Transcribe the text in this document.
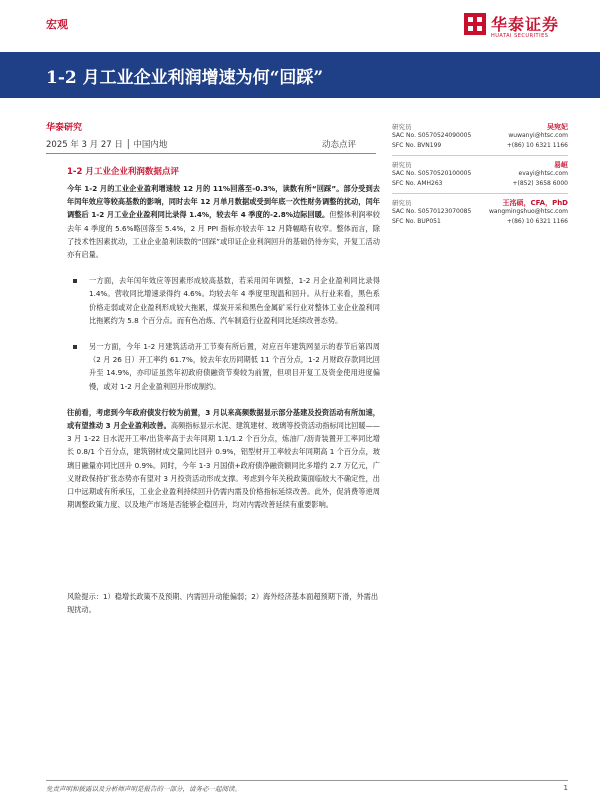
宏观	华泰证券
HUATAI SECURITIES
1-2 月工业企业利润增速为何“回踩”
华泰研究
2025 年 3 月 27 日 │ 中国内地	动态点评
1-2 月工业企业利润数据点评

今年 1-2 月的工业企业盈利增速较 12 月的 11%回落至-0.3%，读数有所“回踩”。部分受到去年闰年效应等较高基数的影响，同时去年 12 月单月数据或受到年底一次性财务调整的扰动，闰年调整后 1-2 月工业企业盈利同比录得 1.4%，较去年 4 季度的-2.8%边际回暖。但整体利润率较去年 4 季度的 5.6%略回落至 5.4%，2 月 PPI 指标亦较去年 12 月降幅略有收窄。整体而言，除了技术性因素扰动，工业企业盈利读数的“回踩”或印证企业利润回升的基础仍待夯实，开复工活动亦有启量。

一方面，去年闰年效应等因素形成较高基数，若采用闰年调整，1-2 月企业盈利同比录得 1.4%。营收同比增速录得约 4.6%。均较去年 4 季度里现温和回升。从行业来看，黑色系价格走弱或对企业盈利形成较大拖累，煤炭开采和黑色金属矿采行业对整体工业企业盈利同比拖累约为 5.8 个百分点。而有色冶炼、汽车制造行业盈利同比延续改善态势。

另一方面，今年 1-2 月建筑活动开工节奏有所后置，对应百年建筑网显示的春节后第四周（2 月 26 日）开工率约 61.7%，较去年农历同期低 11 个百分点，1-2 月财政存款同比回升至 14.9%，亦印证虽然年初政府债融资节奏较为前置，但项目开复工及资金使用进度偏慢，或对 1-2 月企业盈利回升形成制约。

往前看，考虑到今年政府债发行较为前置，3 月以来高频数据显示部分基建及投资活动有所加速，或有望推动 3 月企业盈利改善。高频指标显示水泥、建筑建材、玻璃等投资活动指标同比回暖——3 月 1-22 日水泥开工率/出货率高于去年同期 1.1/1.2 个百分点，炼油厂/沥青装置开工率同比增长 0.8/1 个百分点，建筑钢材成交量同比回升 0.9%，铝型材开工率较去年同期高 1 个百分点，玻璃日融量亦同比回升 0.9%。同时，今年 1-3 月国债+政府债净融资额同比多增约 2.7 万亿元，广义财政保持扩张态势亦有望对 3 月投资活动形成支撑。考虑到今年关税政策面临较大不确定性，出口中远期或有所承压，工业企业盈利持续回升仍需内需及价格指标延续改善。此外，促消费等逆周期调整政策力度、以及地产市场是否能够企稳回升，均对内需改善延续有重要影响。

风险提示：1）稳增长政策不及预期、内需回升动能偏弱；2）海外经济基本面超预期下滑，外需出现扰动。
研究员	吴宛妃
SAC No. S0570524090005	wuwanyi@htsc.com
SFC No. BVN199	+(86) 10 6321 1166
研究员	易峘
SAC No. S0570520100005	evayi@htsc.com
SFC No. AMH263	+(852) 3658 6000
研究员	王洺硕，CFA，PhD
SAC No. S0570123070085	wangmingshuo@htsc.com
SFC No. BUP051	+(86) 10 6321 1166
免责声明和披露以及分析师声明是报告的一部分，请务必一起阅读。	1
